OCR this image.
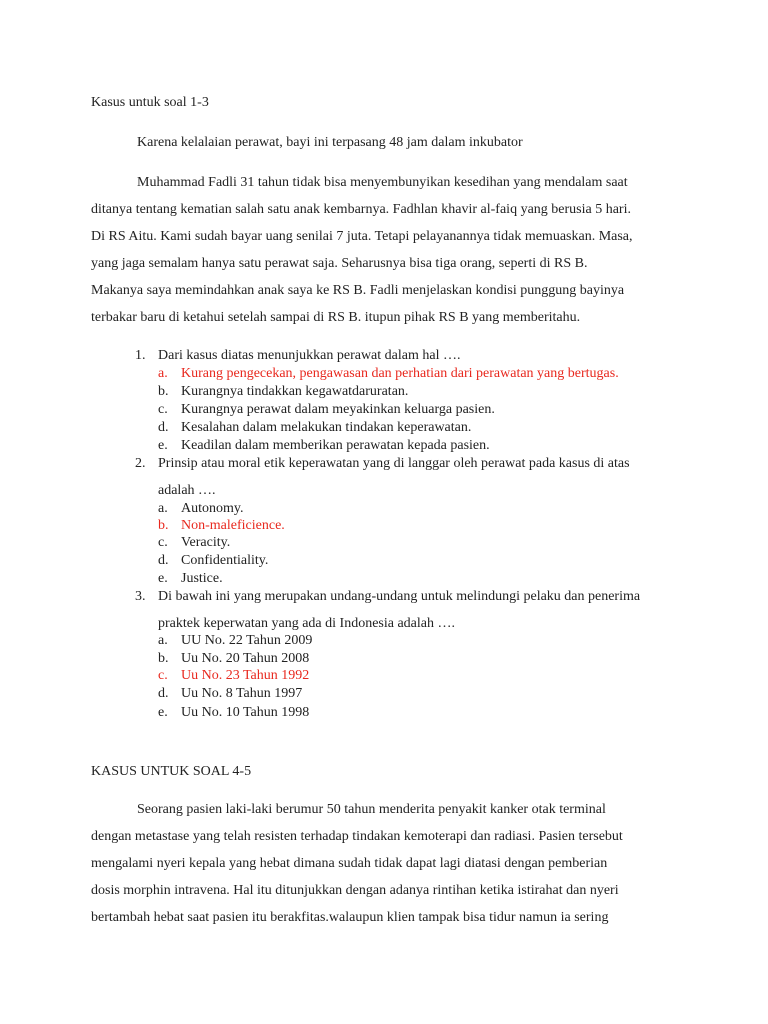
Kasus untuk soal 1-3
Karena kelalaian perawat, bayi ini terpasang 48 jam dalam inkubator
Muhammad Fadli 31 tahun tidak bisa menyembunyikan kesedihan yang mendalam saat
ditanya tentang kematian salah satu anak kembarnya. Fadhlan khavir al-faiq yang berusia 5 hari.
Di RS Aitu. Kami sudah bayar uang senilai 7 juta. Tetapi pelayanannya tidak memuaskan. Masa,
yang jaga semalam hanya satu perawat saja. Seharusnya bisa tiga orang, seperti di RS B.
Makanya saya memindahkan anak saya ke RS B. Fadli menjelaskan kondisi punggung bayinya
terbakar baru di ketahui setelah sampai di RS B. itupun pihak RS B yang memberitahu.
1. Dari kasus diatas menunjukkan perawat dalam hal ….
a. Kurang pengecekan, pengawasan dan perhatian dari perawatan yang bertugas.
b. Kurangnya tindakkan kegawatdaruratan.
c. Kurangnya perawat dalam meyakinkan keluarga pasien.
d. Kesalahan dalam melakukan tindakan keperawatan.
e. Keadilan dalam memberikan perawatan kepada pasien.
2. Prinsip atau moral etik keperawatan yang di langgar oleh perawat pada kasus di atas
adalah ….
a. Autonomy.
b. Non-maleficience.
c. Veracity.
d. Confidentiality.
e. Justice.
3. Di bawah ini yang merupakan undang-undang untuk melindungi pelaku dan penerima
praktek keperwatan yang ada di Indonesia adalah ….
a. UU No. 22 Tahun 2009
b. Uu No. 20 Tahun 2008
c. Uu No. 23 Tahun 1992
d. Uu No. 8 Tahun 1997
e. Uu No. 10 Tahun 1998
KASUS UNTUK SOAL 4-5
Seorang pasien laki-laki berumur 50 tahun menderita penyakit kanker otak terminal
dengan metastase yang telah resisten terhadap tindakan kemoterapi dan radiasi. Pasien tersebut
mengalami nyeri kepala yang hebat dimana sudah tidak dapat lagi diatasi dengan pemberian
dosis morphin intravena. Hal itu ditunjukkan dengan adanya rintihan ketika istirahat dan nyeri
bertambah hebat saat pasien itu berakfitas.walaupun klien tampak bisa tidur namun ia sering
